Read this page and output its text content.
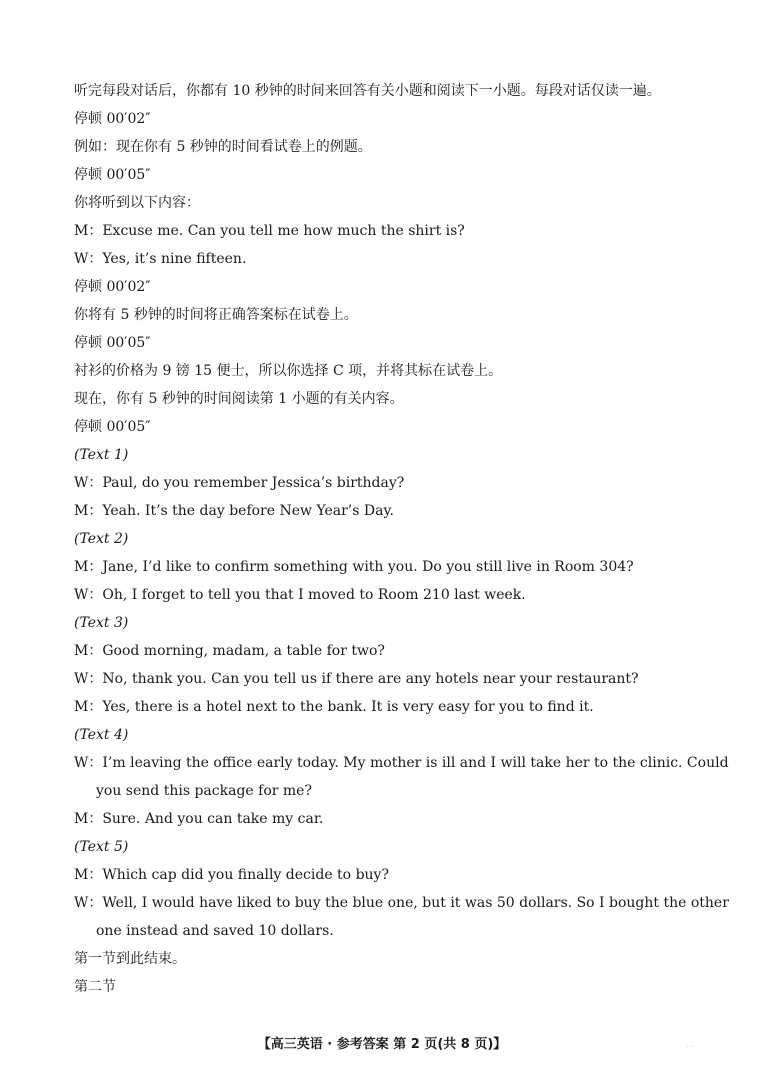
听完每段对话后，你都有 10 秒钟的时间来回答有关小题和阅读下一小题。每段对话仅读一遍。
停顿 00′02″
例如：现在你有 5 秒钟的时间看试卷上的例题。
停顿 00′05″
你将听到以下内容：
M：Excuse me. Can you tell me how much the shirt is?
W：Yes, it’s nine fifteen.
停顿 00′02″
你将有 5 秒钟的时间将正确答案标在试卷上。
停顿 00′05″
衬衫的价格为 9 镑 15 便士，所以你选择 C 项，并将其标在试卷上。
现在，你有 5 秒钟的时间阅读第 1 小题的有关内容。
停顿 00′05″
(Text 1)
W：Paul, do you remember Jessica’s birthday?
M：Yeah. It’s the day before New Year’s Day.
(Text 2)
M：Jane, I’d like to confirm something with you. Do you still live in Room 304?
W：Oh, I forget to tell you that I moved to Room 210 last week.
(Text 3)
M：Good morning, madam, a table for two?
W：No, thank you. Can you tell us if there are any hotels near your restaurant?
M：Yes, there is a hotel next to the bank. It is very easy for you to find it.
(Text 4)
W：I’m leaving the office early today. My mother is ill and I will take her to the clinic. Could
you send this package for me?
M：Sure. And you can take my car.
(Text 5)
M：Which cap did you finally decide to buy?
W：Well, I would have liked to buy the blue one, but it was 50 dollars. So I bought the other
one instead and saved 10 dollars.
第一节到此结束。
第二节
【高三英语 · 参考答案 第 2 页(共 8 页)】	...
